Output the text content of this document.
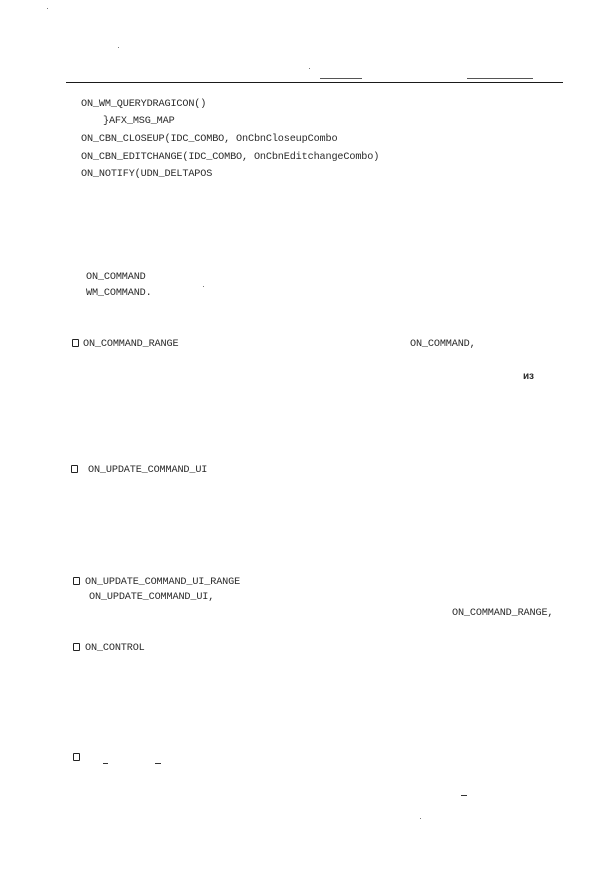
ON_WM_QUERYDRAGICON()
}AFX_MSG_MAP
ON_CBN_CLOSEUP(IDC_COMBO, OnCbnCloseupCombo
ON_CBN_EDITCHANGE(IDC_COMBO, OnCbnEditchangeCombo)
ON_NOTIFY(UDN_DELTAPOS
ON_COMMAND
WM_COMMAND.
ON_COMMAND_RANGE	ON_COMMAND,
из
ON_UPDATE_COMMAND_UI
ON_UPDATE_COMMAND_UI_RANGE
ON_UPDATE_COMMAND_UI,
ON_COMMAND_RANGE,
ON_CONTROL
